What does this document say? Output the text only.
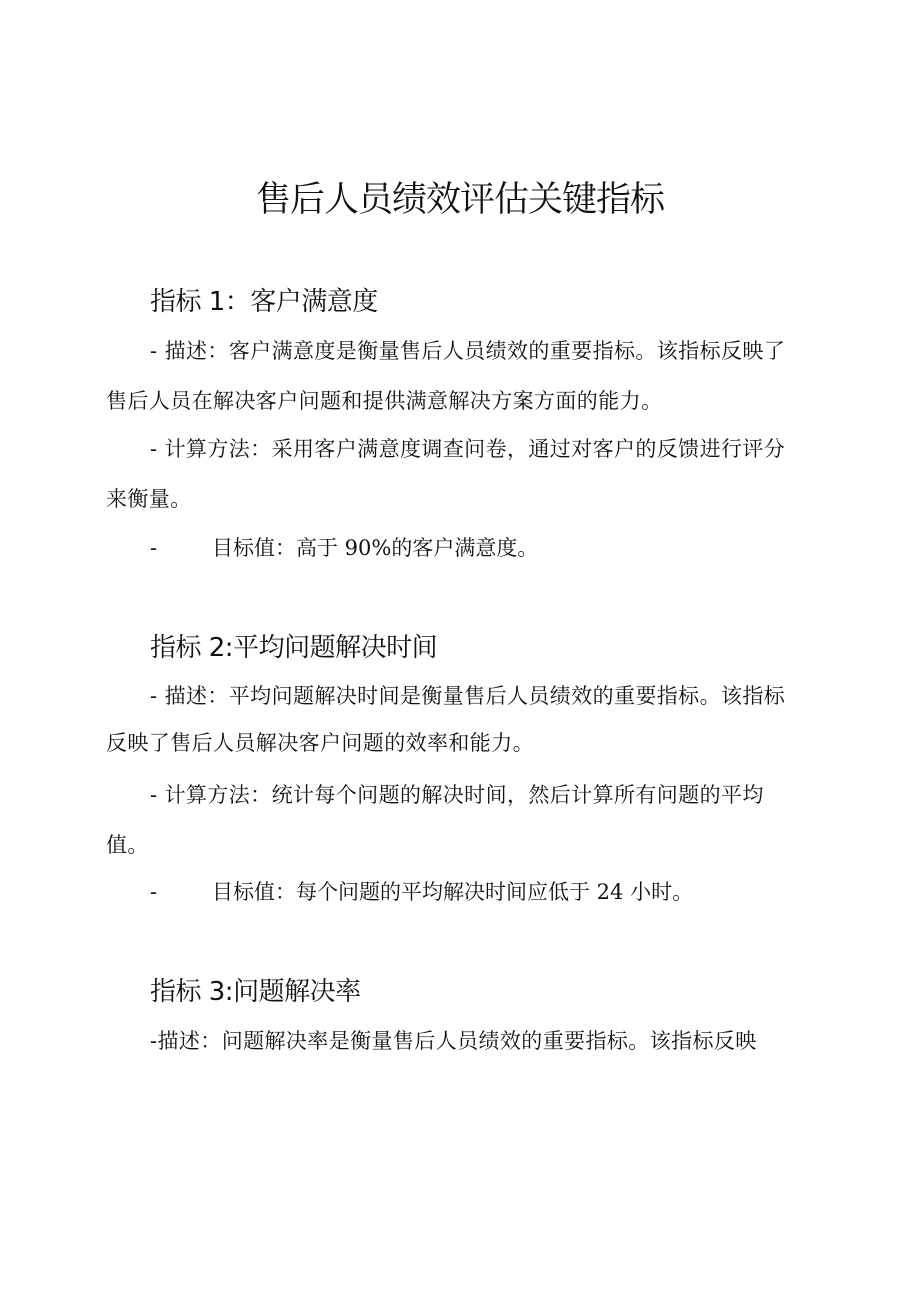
售后人员绩效评估关键指标
指标 1：客户满意度

- 描述：客户满意度是衡量售后人员绩效的重要指标。该指标反映了售后人员在解决客户问题和提供满意解决方案方面的能力。

- 计算方法：采用客户满意度调查问卷，通过对客户的反馈进行评分来衡量。

-	目标值：高于 90%的客户满意度。

指标 2:平均问题解决时间

- 描述：平均问题解决时间是衡量售后人员绩效的重要指标。该指标反映了售后人员解决客户问题的效率和能力。

- 计算方法：统计每个问题的解决时间，然后计算所有问题的平均值。

-	目标值：每个问题的平均解决时间应低于 24 小时。

指标 3:问题解决率

-描述：问题解决率是衡量售后人员绩效的重要指标。该指标反映
